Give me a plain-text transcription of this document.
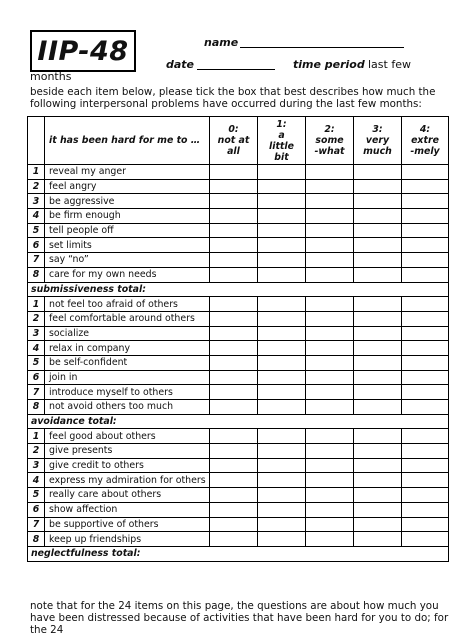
IIP-48	name
date	time period last few
months
beside each item below, please tick the box that best describes how much the following interpersonal problems have occurred during the last few months:
	it has been hard for me to …	0:
not at
all	1:
a
little
bit	2:
some
-what	3:
very
much	4:
extre
-mely
1	reveal my anger					
2	feel angry					
3	be aggressive					
4	be firm enough					
5	tell people off					
6	set limits					
7	say “no”					
8	care for my own needs					
submissiveness total:						
1	not feel too afraid of others					
2	feel comfortable around others					
3	socialize					
4	relax in company					
5	be self-confident					
6	join in					
7	introduce myself to others					
8	not avoid others too much					
avoidance total:						
1	feel good about others					
2	give presents					
3	give credit to others					
4	express my admiration for others					
5	really care about others					
6	show affection					
7	be supportive of others					
8	keep up friendships					
neglectfulness total:						
note that for the 24 items on this page, the questions are about how much you have been distressed because of activities that have been hard for you to do; for the 24
